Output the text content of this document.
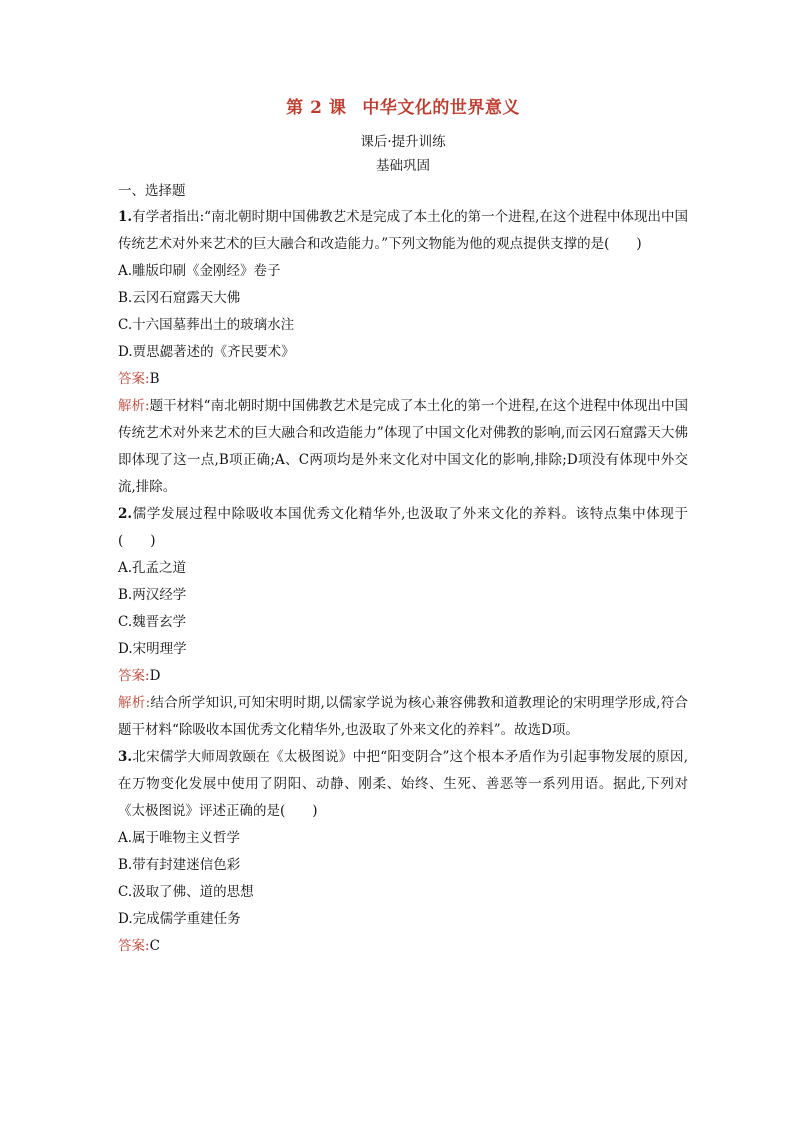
第 2 课 中华文化的世界意义
课后·提升训练
基础巩固
一、选择题

1.有学者指出:“南北朝时期中国佛教艺术是完成了本土化的第一个进程,在这个进程中体现出中国传统艺术对外来艺术的巨大融合和改造能力。”下列文物能为他的观点提供支撑的是(　　)

A.雕版印刷《金刚经》卷子

B.云冈石窟露天大佛

C.十六国墓葬出土的玻璃水注

D.贾思勰著述的《齐民要术》

答案:B

解析:题干材料“南北朝时期中国佛教艺术是完成了本土化的第一个进程,在这个进程中体现出中国传统艺术对外来艺术的巨大融合和改造能力”体现了中国文化对佛教的影响,而云冈石窟露天大佛即体现了这一点,B项正确;A、C两项均是外来文化对中国文化的影响,排除;D项没有体现中外交流,排除。

2.儒学发展过程中除吸收本国优秀文化精华外,也汲取了外来文化的养料。该特点集中体现于(　　)

A.孔孟之道

B.两汉经学

C.魏晋玄学

D.宋明理学

答案:D

解析:结合所学知识,可知宋明时期,以儒家学说为核心兼容佛教和道教理论的宋明理学形成,符合题干材料“除吸收本国优秀文化精华外,也汲取了外来文化的养料”。故选D项。

3.北宋儒学大师周敦颐在《太极图说》中把“阳变阴合”这个根本矛盾作为引起事物发展的原因,在万物变化发展中使用了阴阳、动静、刚柔、始终、生死、善恶等一系列用语。据此,下列对《太极图说》评述正确的是(　　)

A.属于唯物主义哲学

B.带有封建迷信色彩

C.汲取了佛、道的思想

D.完成儒学重建任务

答案:C
